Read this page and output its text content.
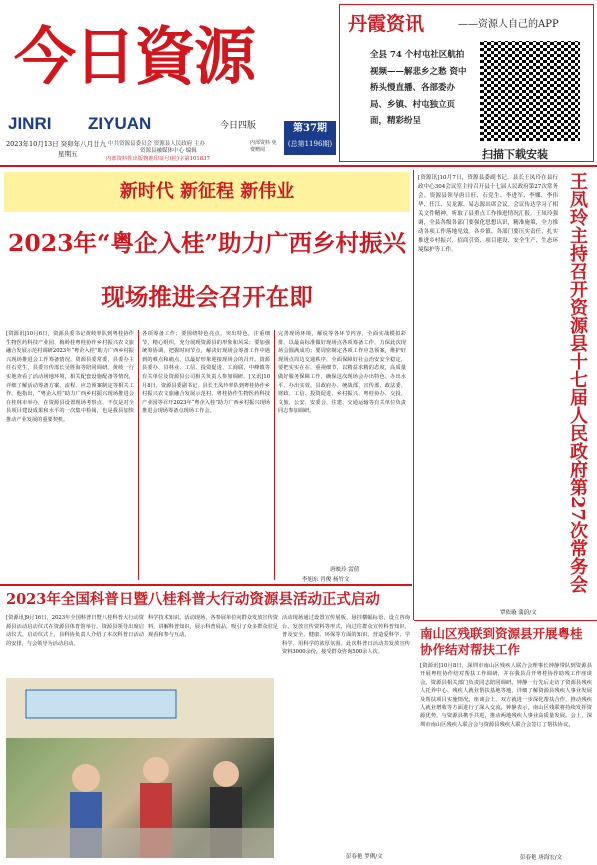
今日資源
JINRI ZIYUAN	今日四版	第37期
(总第1196期)
2023年10月13日 癸卯年八月廿九
星期五
中共资源县委员会 资源县人民政府 主办
资源县融媒体中心 编辑
内部资料 免费赠阅
内部资料性出版物准印证号(桂)字第101837
丹霞资讯	——资源人自己的APP
全县 74 个村屯社区航拍视频——解悲乡之愁 资中桥头慢直播、各部委办局、乡镇、村屯独立页面，精彩纷呈
扫描下载安装
新时代 新征程 新伟业
2023年“粤企入桂”助力广西乡村振兴现场推进会召开在即
[资源讯]10月6日，资源县委书记黄岐率队到粤桂协作生物医药科技产业园、梅岭桂粤桂协作乡村振兴农文旅融合发展示范村调研2023年“粤企入桂”助力广西乡村振兴现场推进会工作筹备情况。资源县委常委、县委办主任石党生，县委宣传部长吴胜海等陪同调研。黄岐一行实地查看了活动场地环境，相关配套设施配备等情况，详细了解活动筹备方案、流程、应急预案制定等相关工作。他指出，“粤企入桂”助力广西乡村振兴现场推进会在桂林市举办，在资源县设置现场考察点，不仅是对全县项目建设成果和水平的一次集中检阅，也是我县加快推动产业发展的重要契机。
各项筹备工作；要围绕特色亮点，突出特色，注重细节，精心组织，充分展现资源县的形象和风采；要加强统筹协调，把握时间节点，解决好现场会筹备工作中遇到的难点和痛点，以最好形象迎接现场会的召开。资源县委办、县林业、工信、投资促进、工商联、中峰镇等有关单位及资源县公司相关负责人参加调研。[又讯]10月8日，资源县委副书记、县长王凤玲率队到粤桂协作乡村振兴农文旅融合发展示范村、粤桂协作生物医药科技产业园等召开2023年“粤企入桂”助力广西乡村振兴现场推进会现场筹备点现场工作会。
完善现场环境，解说等各环节内容，全面实战模拟彩排。以最高标准做好现场点各项筹备工作，力保此次现场会圆满成功；要周密制定各项工作应急预案，维护好现场点周边交通秩序，全面保障好社会治安安全稳定，要把实实在在、重视细节，以精益求精的态度，高质量做好服务保障工作，确保这次现场会办出特色、办出水平、办出实效。县政府办、统战部、宣传部、政法委、财政、工信、投资促进、乡村振兴、粤桂协办、交投、文旅、公安、安委会、住建、交通运输等有关单位负责同志参加调研。
唐映玲 雷倩
李旭东 肖俊 杨竹文	王凤玲主持召开资源县十七届人民政府第27次常务会
[资源讯]10月7日，资源县委副书记、县长王凤玲在县行政中心304会议室主持召开县十七届人民政府第27次常务会。资源县领导唐日旺、石党生、李进军、李娜、李伟华、任江、吴龙源、易志源出席会议。会议传达学习了相关文件精神，听取了县重点工作推进情况汇报。王凤玲强调，全县各级各部门要强化思想认识，精准施策，全力推动各项工作落地见效。各乡镇、各部门要压实责任，扎实推进乡村振兴、招商引资、项目建设、安全生产、生态环境保护等工作。
覃依璇 蒲蔚/文
南山区残联到资源县开展粤桂协作结对帮扶工作
[资源讯]10月8日，深圳市南山区残疾人联合会理事长钟静带队到资源县开展粤桂协作结对帮扶工作调研，并在我县召开粤桂协作助残工作座谈会。资源县相关部门负责同志陪同调研。钟静一行先后走访了资源县残疾人托养中心、残疾人就业帮扶基地等地，详细了解资源县残疾人事业发展及帮扶项目实施情况。座谈会上，双方就进一步深化帮扶合作、推动残疾人就业增收等方面进行了深入交流。钟静表示，南山区残联将持续发挥资源优势，与资源县携手共进，推动两地残疾人事业高质量发展。会上，深圳市南山区残疾人联合会与资源县残疾人联合会签订了帮扶协议。
彭春艳 唐海宏/文
2023年全国科普日暨八桂科普大行动资源县活动正式启动
[资源讯]9月16日，2023年全国科普日暨八桂科普大行动资源县活动启动仪式在资源县体育馆举行。资源县领导出席启动仪式。启动仪式上，县科协负责人介绍了本次科普日活动的安排，与会领导为活动启动。
科学技术知识。活动现场，各参展单位向群众发放宣传资料，讲解科普知识，展示科普展品，吸引了众多群众驻足观看和参与互动。
活动现场通过设置宣传展板、悬挂横幅标语、设立咨询台、发放宣传资料等形式，向过往群众宣传科普知识，普及安全、健康、环保等方面的知识，营造爱科学、学科学、用科学的浓厚氛围。此次科普日活动共发放宣传资料3000余份，接受群众咨询500余人次。
彭春艳 罗俐/文
